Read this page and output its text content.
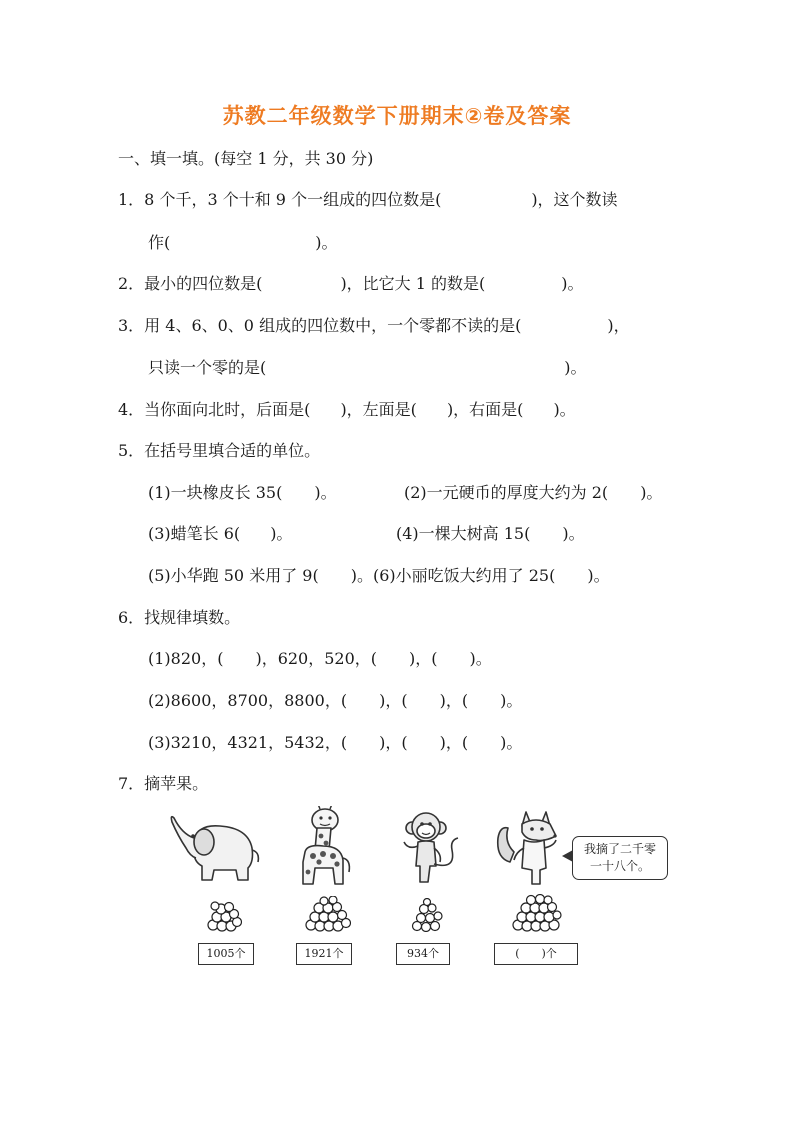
苏教二年级数学下册期末②卷及答案
一、填一填。(每空 1 分，共 30 分)
1．8 个千，3 个十和 9 个一组成的四位数是(	)，这个数读
作(	)。
2．最小的四位数是(	)，比它大 1 的数是(	)。
3．用 4、6、0、0 组成的四位数中，一个零都不读的是(	)，
只读一个零的是(	)。
4．当你面向北时，后面是( )，左面是( )，右面是( )。
5．在括号里填合适的单位。
(1)一块橡皮长 35( )。	(2)一元硬币的厚度大约为 2( )。
(3)蜡笔长 6( )。	(4)一棵大树高 15( )。
(5)小华跑 50 米用了 9( )。(6)小丽吃饭大约用了 25( )。
6．找规律填数。
(1)820，( )，620，520，( )，( )。
(2)8600，8700，8800，( )，( )，( )。
(3)3210，4321，5432，( )，( )，( )。
7．摘苹果。
我摘了二千零
一十八个。
1005个	1921个	934个	(　　)个
